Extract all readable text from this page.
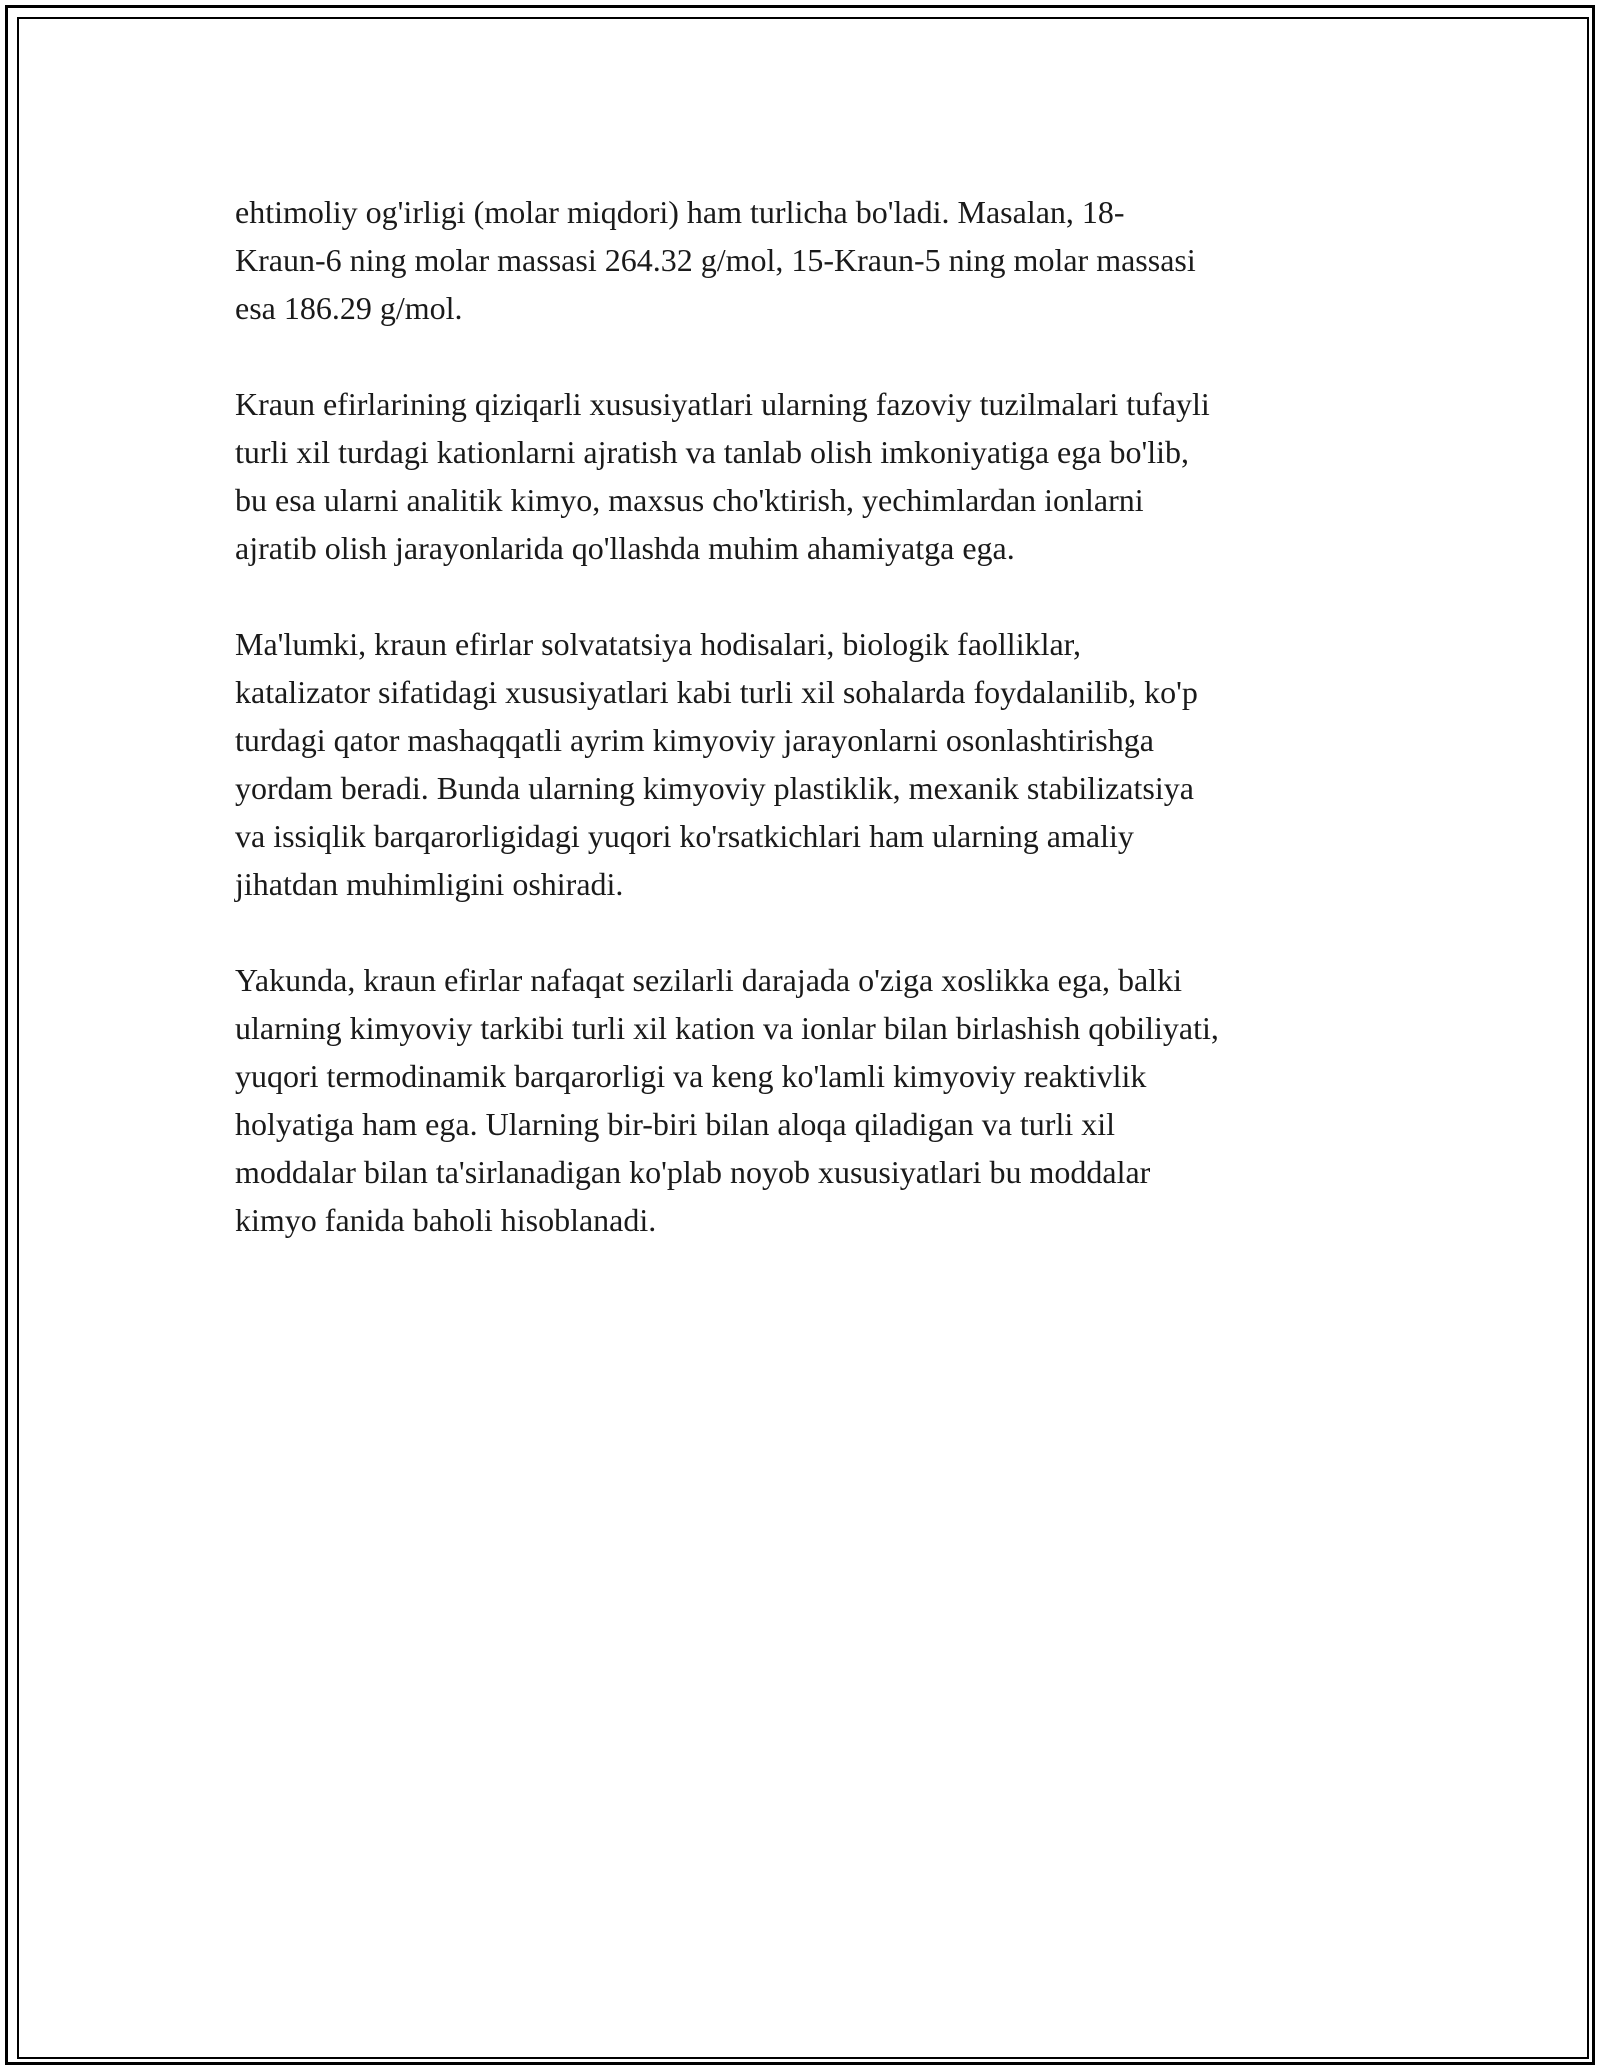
ehtimoliy og'irligi (molar miqdori) ham turlicha bo'ladi. Masalan, 18-
Kraun-6 ning molar massasi 264.32 g/mol, 15-Kraun-5 ning molar massasi
esa 186.29 g/mol.

Kraun efirlarining qiziqarli xususiyatlari ularning fazoviy tuzilmalari tufayli
turli xil turdagi kationlarni ajratish va tanlab olish imkoniyatiga ega bo'lib,
bu esa ularni analitik kimyo, maxsus cho'ktirish, yechimlardan ionlarni
ajratib olish jarayonlarida qo'llashda muhim ahamiyatga ega.

Ma'lumki, kraun efirlar solvatatsiya hodisalari, biologik faolliklar,
katalizator sifatidagi xususiyatlari kabi turli xil sohalarda foydalanilib, ko'p
turdagi qator mashaqqatli ayrim kimyoviy jarayonlarni osonlashtirishga
yordam beradi. Bunda ularning kimyoviy plastiklik, mexanik stabilizatsiya
va issiqlik barqarorligidagi yuqori ko'rsatkichlari ham ularning amaliy
jihatdan muhimligini oshiradi.

Yakunda, kraun efirlar nafaqat sezilarli darajada o'ziga xoslikka ega, balki
ularning kimyoviy tarkibi turli xil kation va ionlar bilan birlashish qobiliyati,
yuqori termodinamik barqarorligi va keng ko'lamli kimyoviy reaktivlik
holyatiga ham ega. Ularning bir-biri bilan aloqa qiladigan va turli xil
moddalar bilan ta'sirlanadigan ko'plab noyob xususiyatlari bu moddalar
kimyo fanida baholi hisoblanadi.
